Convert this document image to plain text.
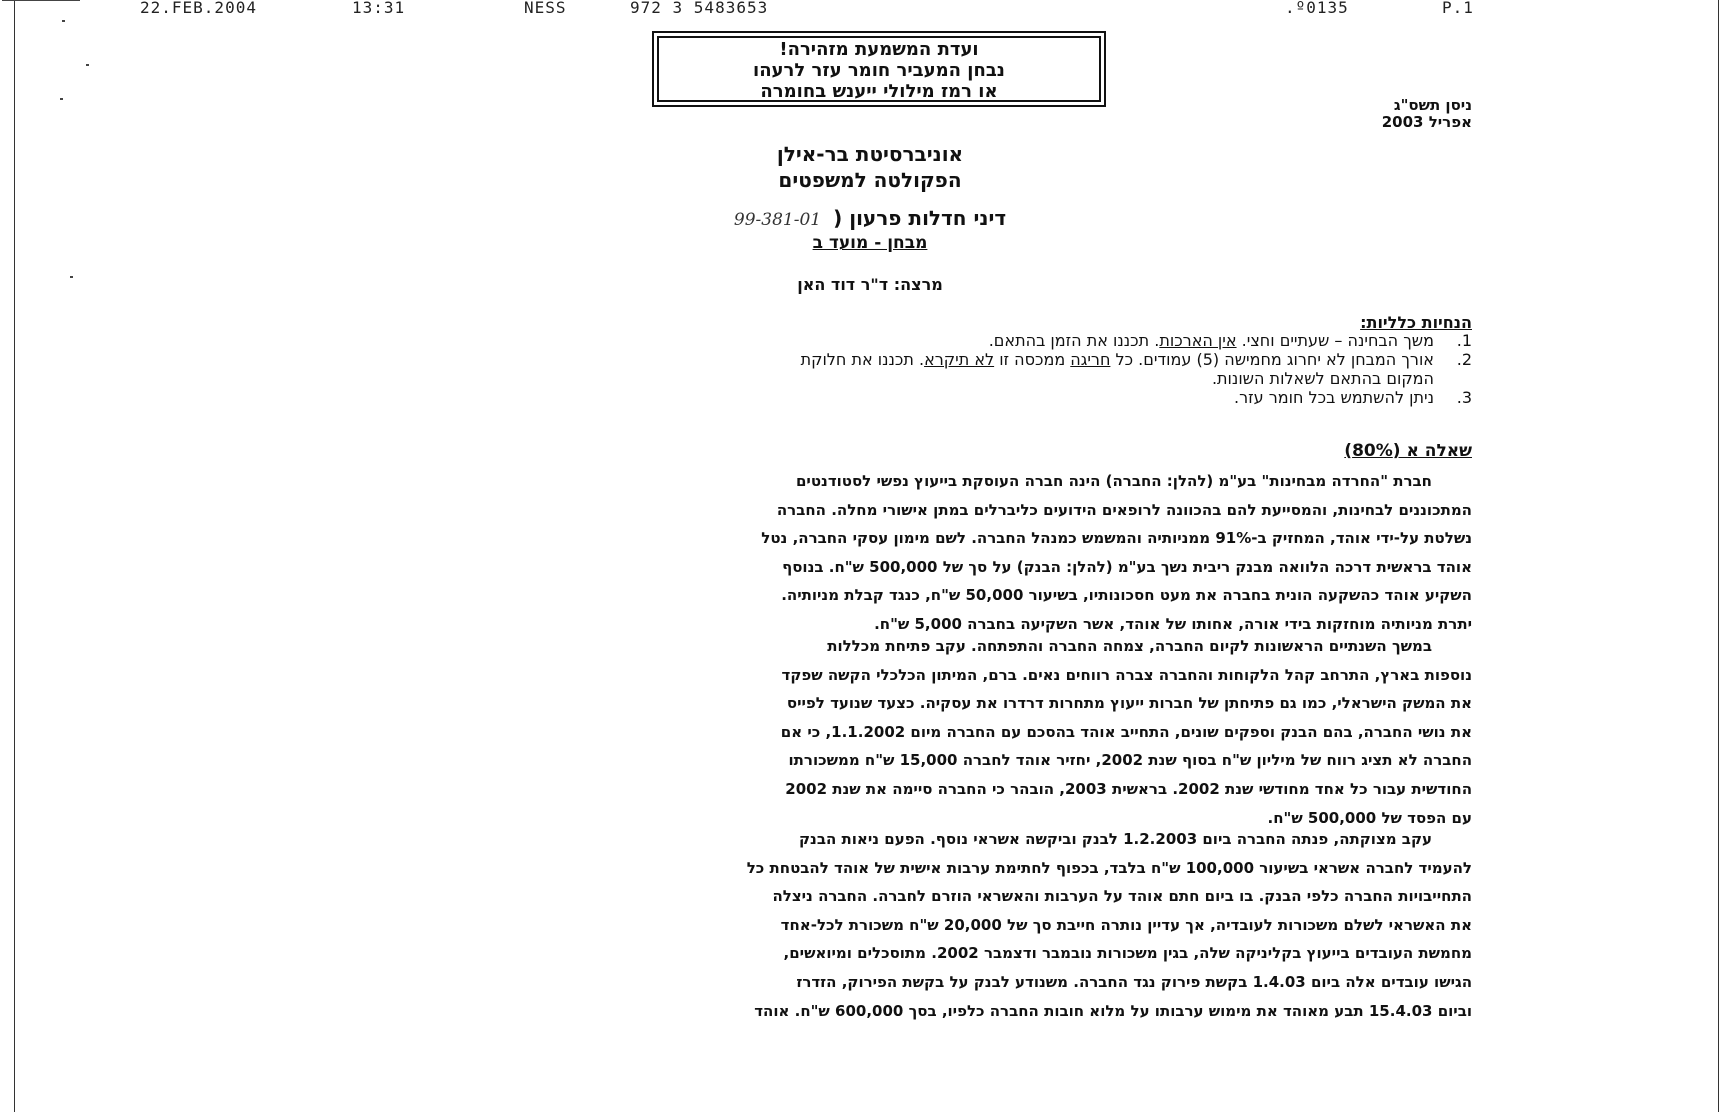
22.FEB.2004	13:31	NESS	972 3 5483653	.º0135	P.1
ועדת המשמעת מזהירה!
נבחן המעביר חומר עזר לרעהו
או רמז מילולי ייענש בחומרה
ניסן תשס"ג
אפריל 2003
אוניברסיטת בר-אילן
הפקולטה למשפטים
דיני חדלות פרעון (99-381-01
מבחן - מועד ב
מרצה: ד"ר דוד האן
הנחיות כלליות:
1.
משך הבחינה – שעתיים וחצי. אין הארכות. תכננו את הזמן בהתאם.
2.
אורך המבחן לא יחרוג מחמישה (5) עמודים. כל חריגה ממכסה זו לא תיקרא. תכננו את חלוקת
המקום בהתאם לשאלות השונות.
3.
ניתן להשתמש בכל חומר עזר.
שאלה א (80%)

חברת "החרדה מבחינות" בע"מ (להלן: החברה) הינה חברה העוסקת בייעוץ נפשי לסטודנטים
המתכוננים לבחינות, והמסייעת להם בהכוונה לרופאים הידועים כליברלים במתן אישורי מחלה. החברה
נשלטת על-ידי אוהד, המחזיק ב-91% ממניותיה והמשמש כמנהל החברה. לשם מימון עסקי החברה, נטל
אוהד בראשית דרכה הלוואה מבנק ריבית נשך בע"מ (להלן: הבנק) על סך של 500,000 ש"ח. בנוסף
השקיע אוהד כהשקעה הונית בחברה את מעט חסכונותיו, בשיעור 50,000 ש"ח, כנגד קבלת מניותיה.
יתרת מניותיה מוחזקות בידי אורה, אחותו של אוהד, אשר השקיעה בחברה 5,000 ש"ח.

במשך השנתיים הראשונות לקיום החברה, צמחה החברה והתפתחה. עקב פתיחת מכללות
נוספות בארץ, התרחב קהל הלקוחות והחברה צברה רווחים נאים. ברם, המיתון הכלכלי הקשה שפקד
את המשק הישראלי, כמו גם פתיחתן של חברות ייעוץ מתחרות דרדרו את עסקיה. כצעד שנועד לפייס
את נושי החברה, בהם הבנק וספקים שונים, התחייב אוהד בהסכם עם החברה מיום 1.1.2002, כי אם
החברה לא תציג רווח של מיליון ש"ח בסוף שנת 2002, יחזיר אוהד לחברה 15,000 ש"ח ממשכורתו
החודשית עבור כל אחד מחודשי שנת 2002. בראשית 2003, הובהר כי החברה סיימה את שנת 2002
עם הפסד של 500,000 ש"ח.

עקב מצוקתה, פנתה החברה ביום 1.2.2003 לבנק וביקשה אשראי נוסף. הפעם ניאות הבנק
להעמיד לחברה אשראי בשיעור 100,000 ש"ח בלבד, בכפוף לחתימת ערבות אישית של אוהד להבטחת כל
התחייבויות החברה כלפי הבנק. בו ביום חתם אוהד על הערבות והאשראי הוזרם לחברה. החברה ניצלה
את האשראי לשלם משכורות לעובדיה, אך עדיין נותרה חייבת סך של 20,000 ש"ח משכורת לכל-אחד
מחמשת העובדים בייעוץ בקליניקה שלה, בגין משכורות נובמבר ודצמבר 2002. מתוסכלים ומיואשים,
הגישו עובדים אלה ביום 1.4.03 בקשת פירוק נגד החברה. משנודע לבנק על בקשת הפירוק, הזדרז
וביום 15.4.03 תבע מאוהד את מימוש ערבותו על מלוא חובות החברה כלפיו, בסך 600,000 ש"ח. אוהד
